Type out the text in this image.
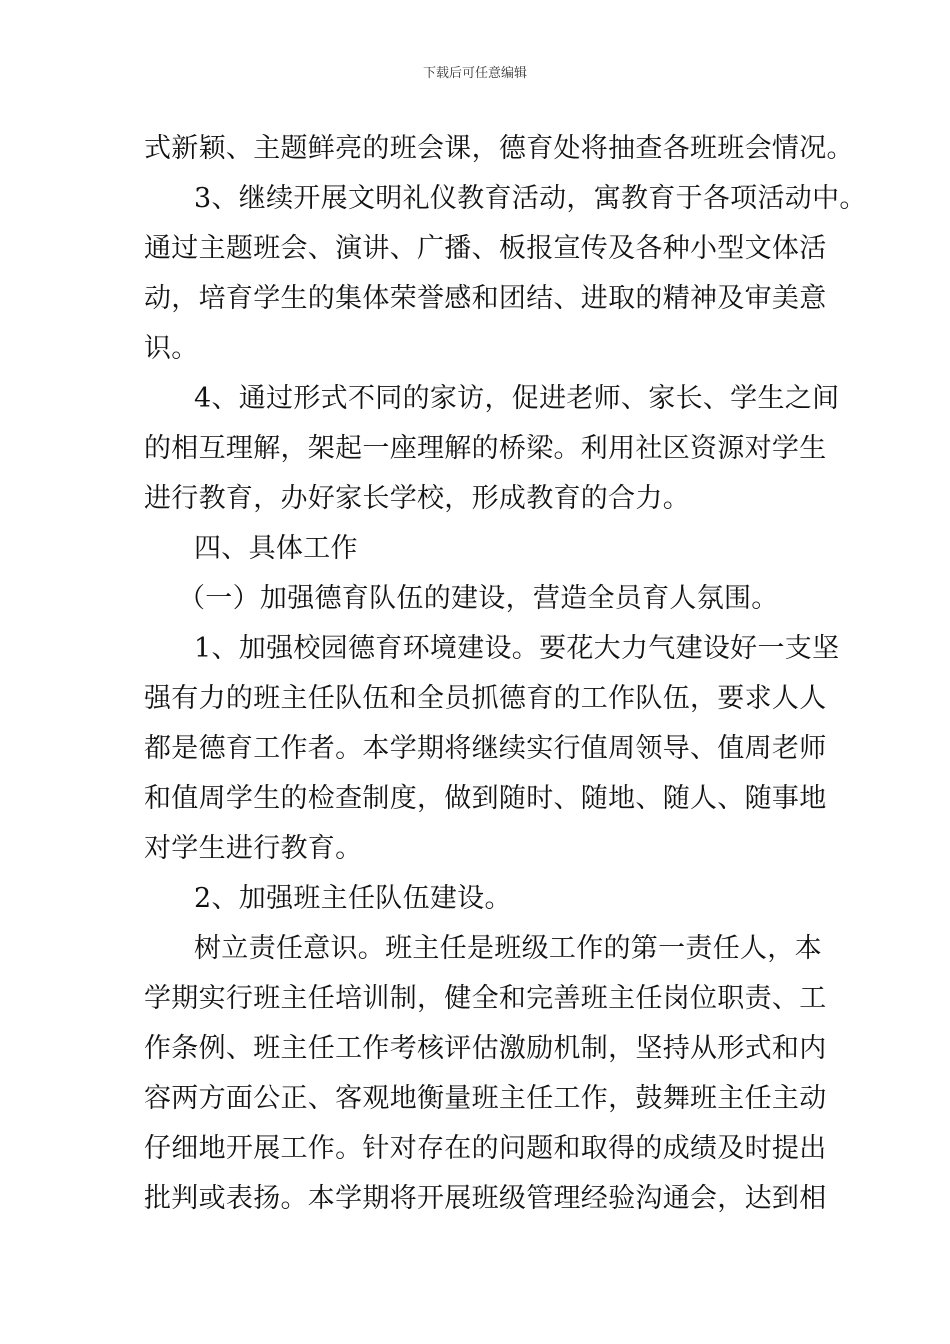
下载后可任意编辑
式新颖、主题鲜亮的班会课，德育处将抽查各班班会情况。
3、继续开展文明礼仪教育活动，寓教育于各项活动中。
通过主题班会、演讲、广播、板报宣传及各种小型文体活
动，培育学生的集体荣誉感和团结、进取的精神及审美意
识。
4、通过形式不同的家访，促进老师、家长、学生之间
的相互理解，架起一座理解的桥梁。利用社区资源对学生
进行教育，办好家长学校，形成教育的合力。
四、具体工作
（一）加强德育队伍的建设，营造全员育人氛围。
1、加强校园德育环境建设。要花大力气建设好一支坚
强有力的班主任队伍和全员抓德育的工作队伍，要求人人
都是德育工作者。本学期将继续实行值周领导、值周老师
和值周学生的检查制度，做到随时、随地、随人、随事地
对学生进行教育。
2、加强班主任队伍建设。
树立责任意识。班主任是班级工作的第一责任人，本
学期实行班主任培训制，健全和完善班主任岗位职责、工
作条例、班主任工作考核评估激励机制，坚持从形式和内
容两方面公正、客观地衡量班主任工作，鼓舞班主任主动
仔细地开展工作。针对存在的问题和取得的成绩及时提出
批判或表扬。本学期将开展班级管理经验沟通会，达到相
